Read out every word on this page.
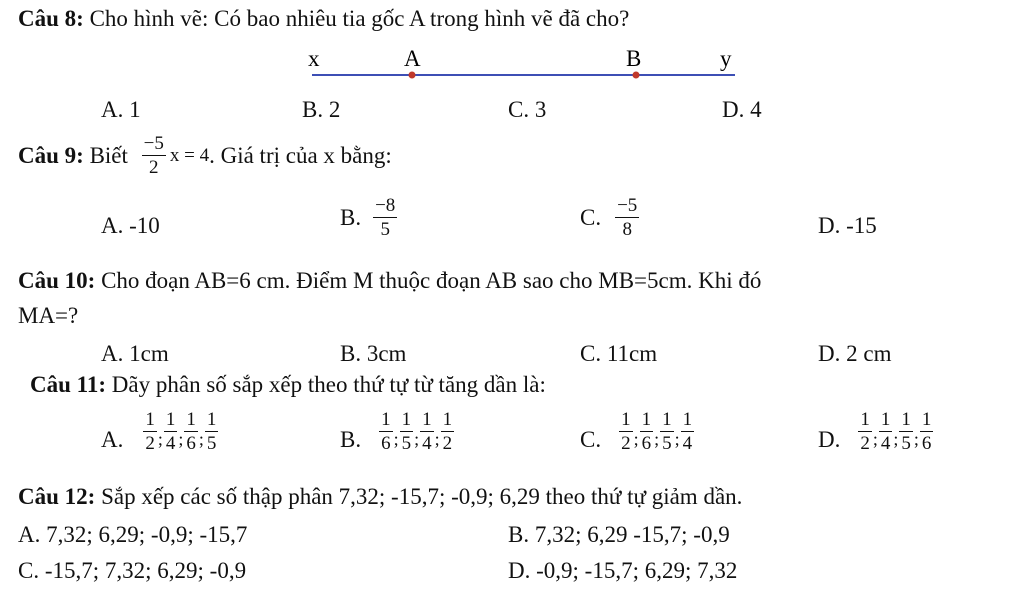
Câu 8: Cho hình vẽ: Có bao nhiêu tia gốc A trong hình vẽ đã cho?
x	A	B	y
A. 1	B. 2	C. 3	D. 4
Câu 9: Biết $\frac{-5}{2}$ x = 4 . Giá trị của x bằng:
A. -10	B. $\frac{-8}{5}$	C. $\frac{-5}{8}$	D. -15
Câu 10: Cho đoạn AB=6 cm. Điểm M thuộc đoạn AB sao cho MB=5cm. Khi đó
MA=?
A. 1cm	B. 3cm	C. 11cm	D. 2 cm
Câu 11: Dãy phân số sắp xếp theo thứ tự từ tăng dần là:
A. $\frac{1}{2}$ ; $\frac{1}{4}$ ; $\frac{1}{6}$ ; $\frac{1}{5}$	B. $\frac{1}{6}$ ; $\frac{1}{5}$ ; $\frac{1}{4}$ ; $\frac{1}{2}$	C. $\frac{1}{2}$ ; $\frac{1}{6}$ ; $\frac{1}{5}$ ; $\frac{1}{4}$	D. $\frac{1}{2}$ ; $\frac{1}{4}$ ; $\frac{1}{5}$ ; $\frac{1}{6}$
Câu 12: Sắp xếp các số thập phân 7,32; -15,7; -0,9; 6,29 theo thứ tự giảm dần.
A. 7,32; 6,29; -0,9; -15,7	B. 7,32; 6,29 -15,7; -0,9
C. -15,7; 7,32; 6,29; -0,9	D. -0,9; -15,7; 6,29; 7,32
